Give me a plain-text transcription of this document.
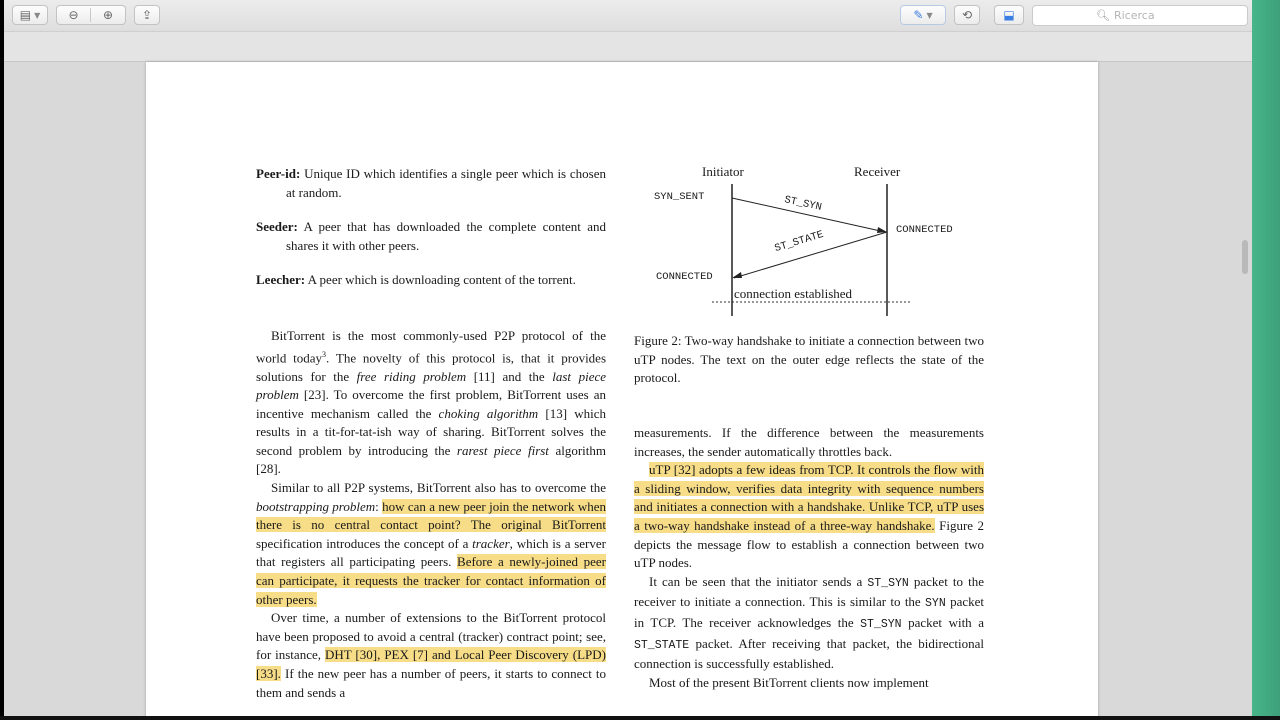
▤ ▼	⊖	⊕	⇪	✎ ▼ ⟲	⬓	🔍︎
Ricerca
Peer-id: Unique ID which identifies a single peer which is chosen at random.
Seeder: A peer that has downloaded the complete content and shares it with other peers.
Leecher: A peer which is downloading content of the torrent.

BitTorrent is the most commonly-used P2P protocol of the world today$^3$. The novelty of this protocol is, that it provides solutions for the free riding problem [11] and the last piece problem [23]. To overcome the first problem, BitTorrent uses an incentive mechanism called the choking algorithm [13] which results in a tit-for-tat-ish way of sharing. BitTorrent solves the second problem by introducing the rarest piece first algorithm [28].

Similar to all P2P systems, BitTorrent also has to overcome the bootstrapping problem: how can a new peer join the network when there is no central contact point? The original BitTorrent specification introduces the concept of a tracker, which is a server that registers all participating peers. Before a newly-joined peer can participate, it requests the tracker for contact information of other peers.

Over time, a number of extensions to the BitTorrent protocol have been proposed to avoid a central (tracker) contract point; see, for instance, DHT [30], PEX [7] and Local Peer Discovery (LPD) [33]. If the new peer has a number of peers, it starts to connect to them and sends a

Initiator	Receiver
SYN_SENT	ST_SYN
ST_STATE	CONNECTED
CONNECTED
connection established
Figure 2: Two-way handshake to initiate a connection between two uTP nodes. The text on the outer edge reflects the state of the protocol.

measurements. If the difference between the measurements increases, the sender automatically throttles back.

uTP [32] adopts a few ideas from TCP. It controls the flow with a sliding window, verifies data integrity with sequence numbers and initiates a connection with a handshake. Unlike TCP, uTP uses a two-way handshake instead of a three-way handshake. Figure 2 depicts the message flow to establish a connection between two uTP nodes.

It can be seen that the initiator sends a ST_SYN packet to the receiver to initiate a connection. This is similar to the SYN packet in TCP. The receiver acknowledges the ST_SYN packet with a ST_STATE packet. After receiving that packet, the bidirectional connection is successfully established.

Most of the present BitTorrent clients now implement
